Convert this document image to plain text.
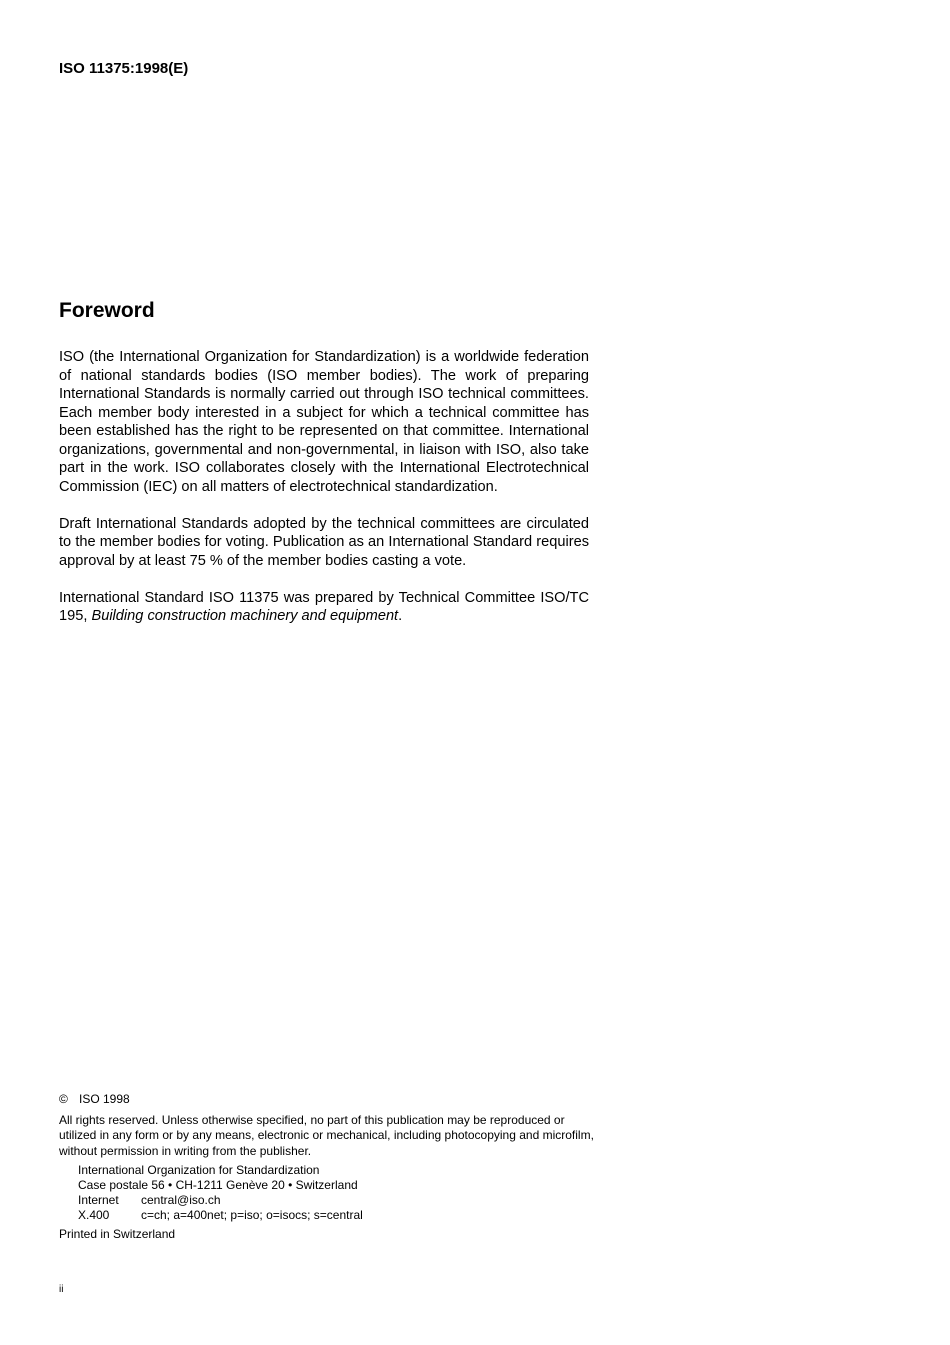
ISO 11375:1998(E)
Foreword

ISO (the International Organization for Standardization) is a worldwide federation of national standards bodies (ISO member bodies). The work of preparing International Standards is normally carried out through ISO technical committees. Each member body interested in a subject for which a technical committee has been established has the right to be represented on that committee. International organizations, governmental and non-governmental, in liaison with ISO, also take part in the work. ISO collaborates closely with the International Electrotechnical Commission (IEC) on all matters of electrotechnical standardization.

Draft International Standards adopted by the technical committees are circulated to the member bodies for voting. Publication as an International Standard requires approval by at least 75 % of the member bodies casting a vote.

International Standard ISO 11375 was prepared by Technical Committee ISO/TC 195, Building construction machinery and equipment.

© ISO 1998
All rights reserved. Unless otherwise specified, no part of this publication may be reproduced or utilized in any form or by any means, electronic or mechanical, including photocopying and microfilm, without permission in writing from the publisher.
International Organization for Standardization
Case postale 56 • CH-1211 Genève 20 • Switzerland
Internet central@iso.ch
X.400	c=ch; a=400net; p=iso; o=isocs; s=central
Printed in Switzerland
ii
